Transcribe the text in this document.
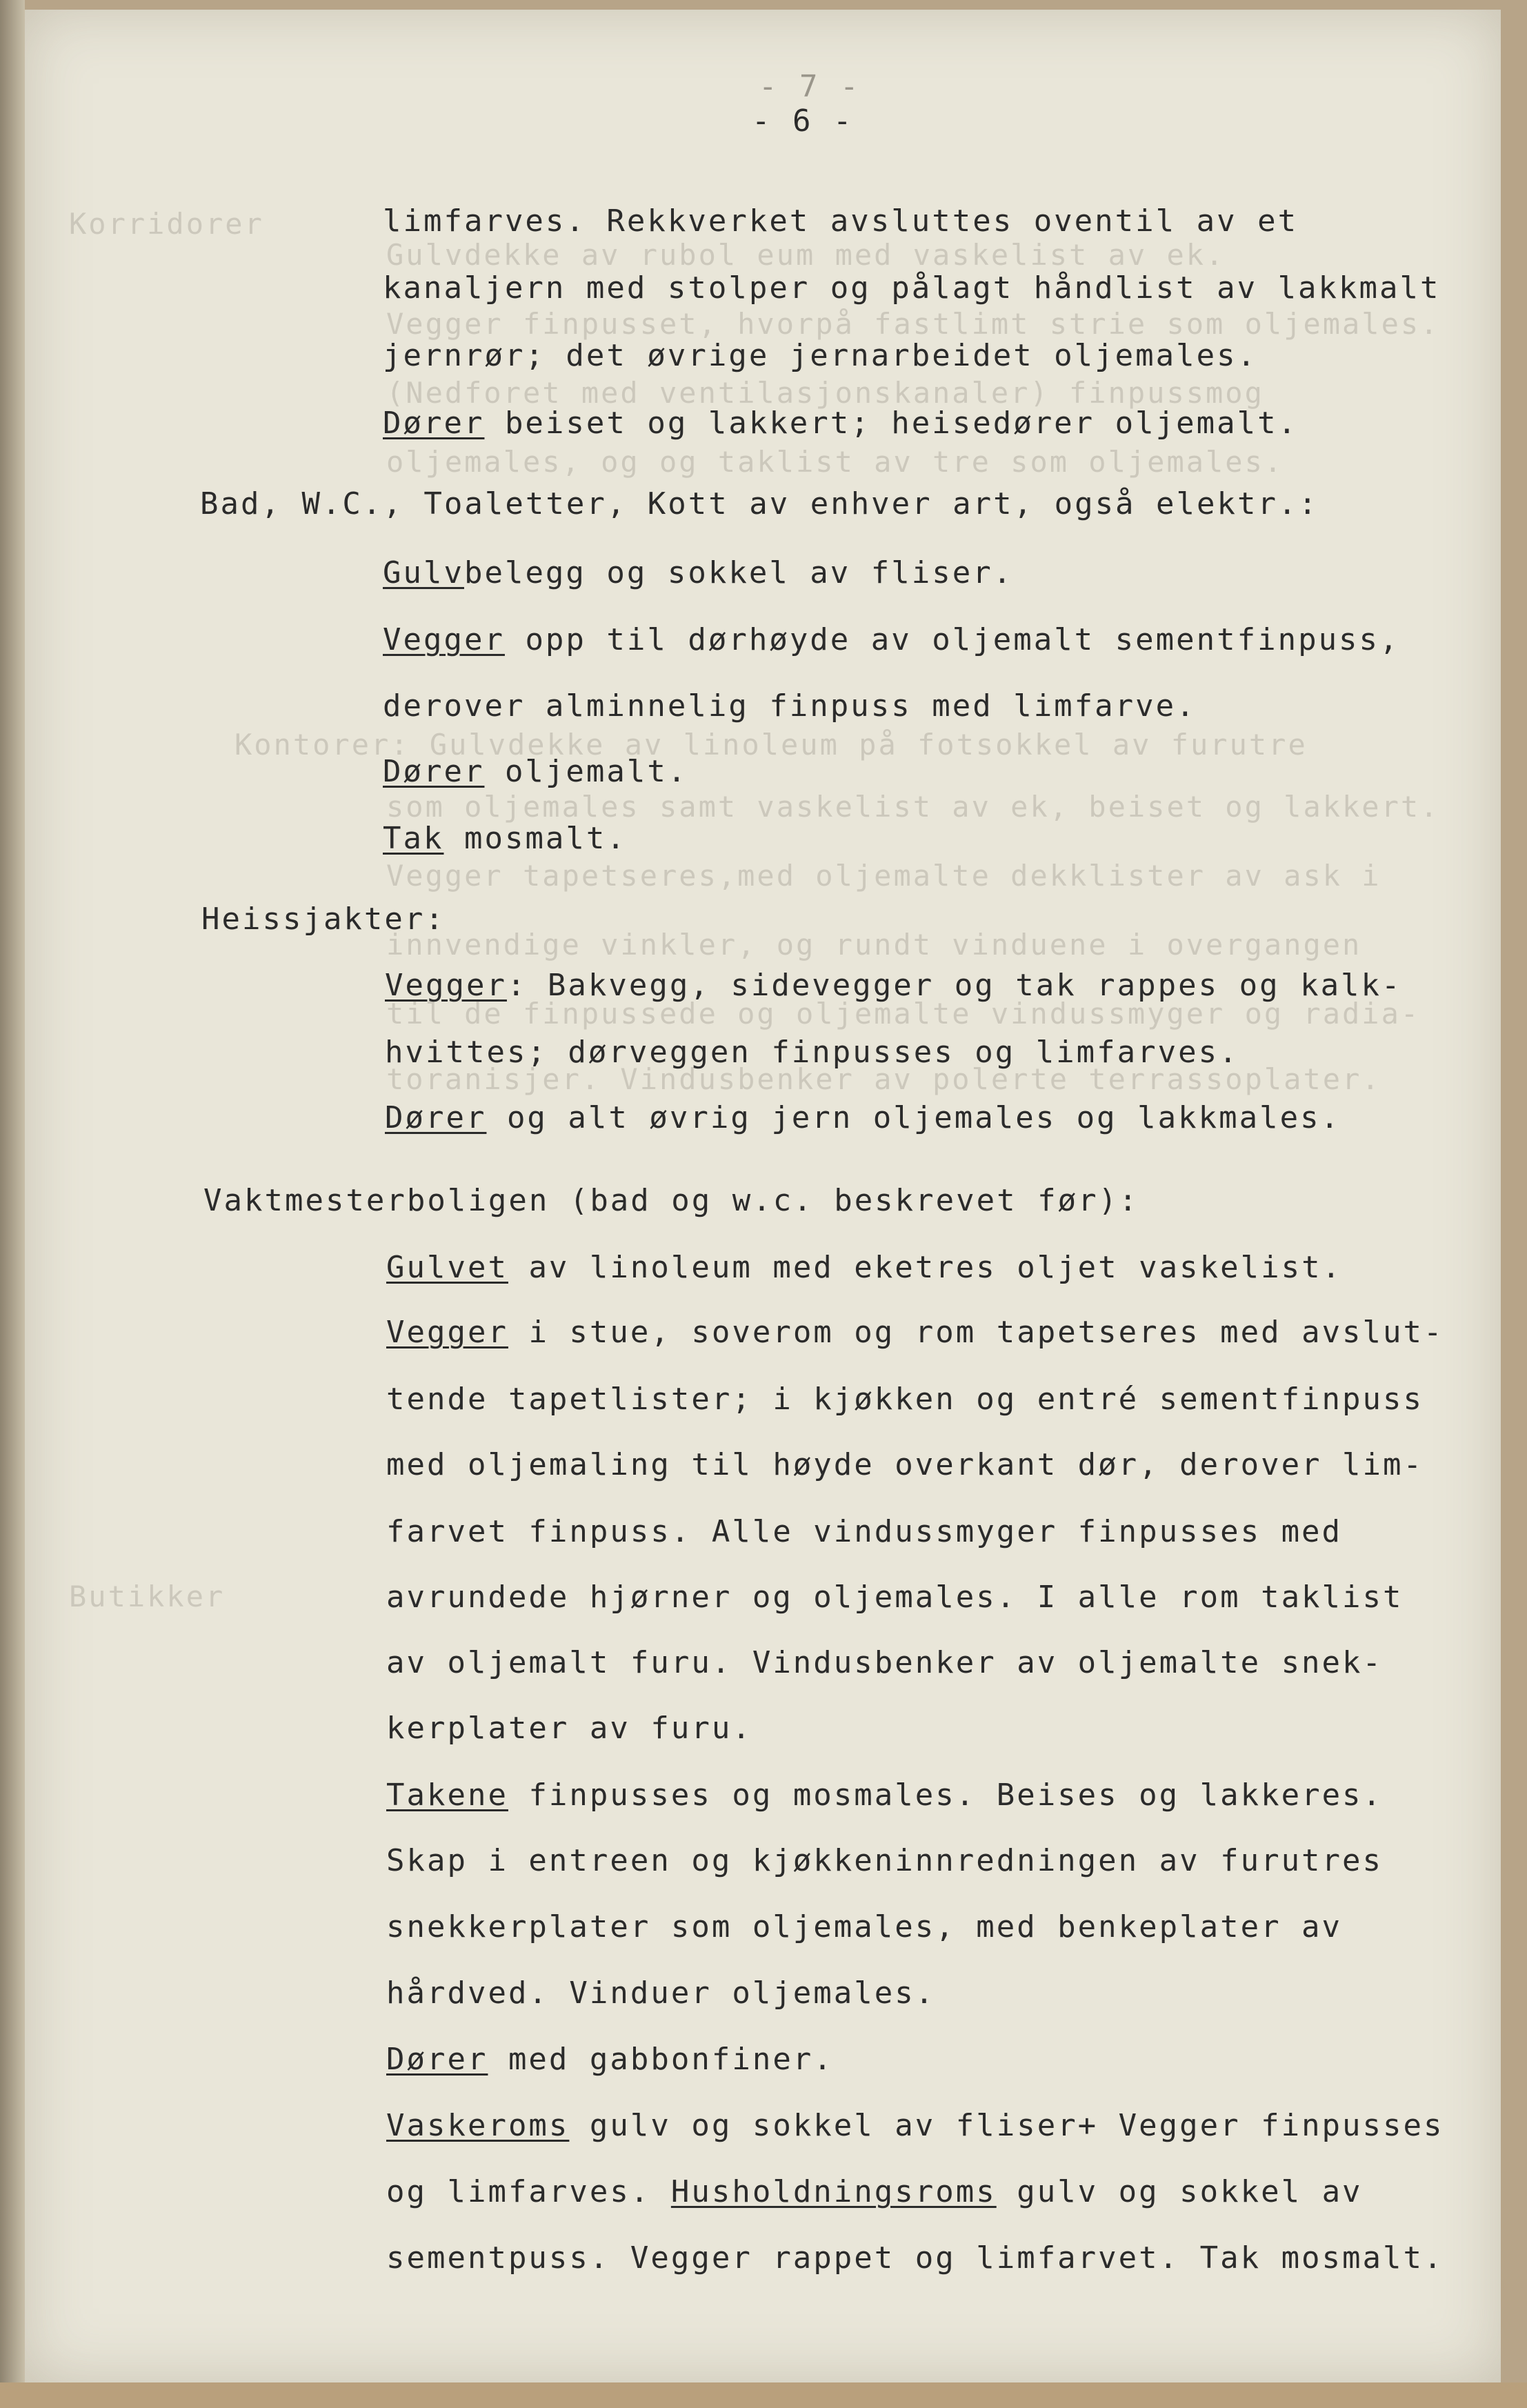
Korridorer
Gulvdekke av rubol eum med vaskelist av ek.
Vegger finpusset, hvorpå fastlimt strie som oljemales.
(Nedforet med ventilasjonskanaler) finpussmog
oljemales, og og taklist av tre som oljemales.
Kontorer: Gulvdekke av linoleum på fotsokkel av furutre
som oljemales samt vaskelist av ek, beiset og lakkert.
Vegger tapetseres,med oljemalte dekklister av ask i
innvendige vinkler, og rundt vinduene i overgangen
til de finpussede og oljemalte vindussmyger og radia-
toranisjer. Vindusbenker av polerte terrassoplater.
Butikker
- 7 -
- 6 -
limfarves. Rekkverket avsluttes oventil av et
kanaljern med stolper og pålagt håndlist av lakkmalt
jernrør; det øvrige jernarbeidet oljemales.
Dører beiset og lakkert; heisedører oljemalt.
Bad, W.C., Toaletter, Kott av enhver art, også elektr.:
Gulvbelegg og sokkel av fliser.
Vegger opp til dørhøyde av oljemalt sementfinpuss,
derover alminnelig finpuss med limfarve.
Dører oljemalt.
Tak mosmalt.
Heissjakter:
Vegger: Bakvegg, sidevegger og tak rappes og kalk-
hvittes; dørveggen finpusses og limfarves.
Dører og alt øvrig jern oljemales og lakkmales.
Vaktmesterboligen (bad og w.c. beskrevet før):
Gulvet av linoleum med eketres oljet vaskelist.
Vegger i stue, soverom og rom tapetseres med avslut-
tende tapetlister; i kjøkken og entré sementfinpuss
med oljemaling til høyde overkant dør, derover lim-
farvet finpuss. Alle vindussmyger finpusses med
avrundede hjørner og oljemales. I alle rom taklist
av oljemalt furu. Vindusbenker av oljemalte snek-
kerplater av furu.
Takene finpusses og mosmales. Beises og lakkeres.
Skap i entreen og kjøkkeninnredningen av furutres
snekkerplater som oljemales, med benkeplater av
hårdved. Vinduer oljemales.
Dører med gabbonfiner.
Vaskeroms gulv og sokkel av fliser+ Vegger finpusses
og limfarves. Husholdningsroms gulv og sokkel av
sementpuss. Vegger rappet og limfarvet. Tak mosmalt.
